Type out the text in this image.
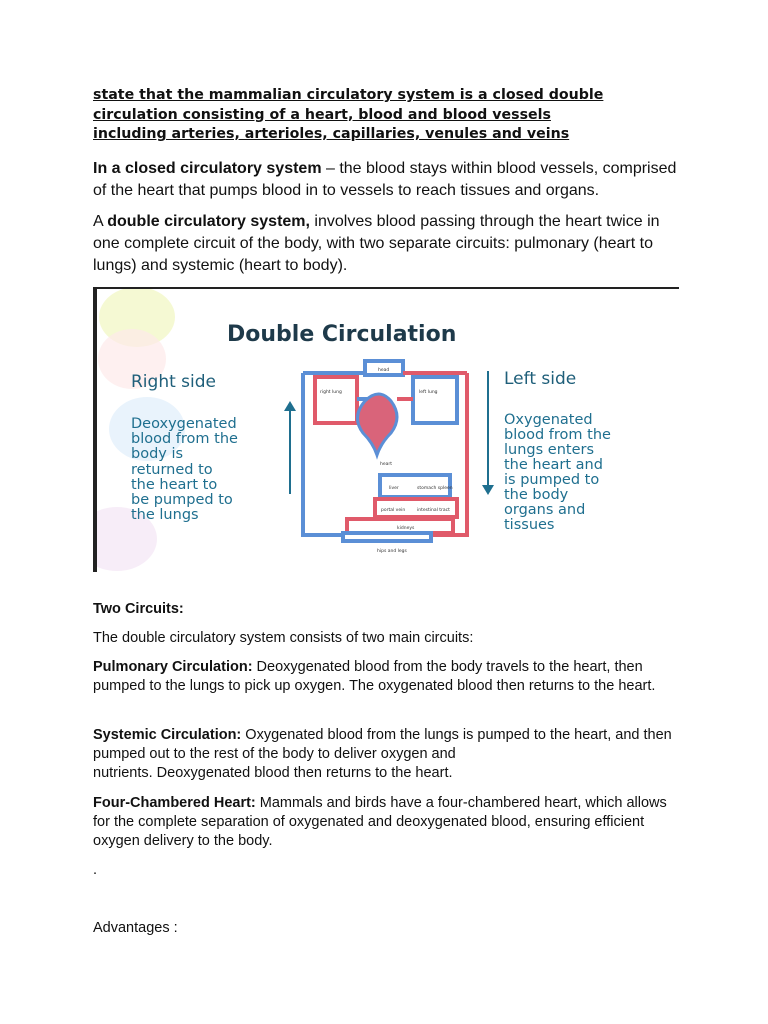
state that the mammalian circulatory system is a closed double
circulation consisting of a heart, blood and blood vessels
including arteries, arterioles, capillaries, venules and veins

In a closed circulatory system – the blood stays within blood vessels, comprised of the heart that pumps blood in to vessels to reach tissues and organs.

A double circulatory system, involves blood passing through the heart twice in one complete circuit of the body, with two separate circuits: pulmonary (heart to lungs) and systemic (heart to body).

Double Circulation
Right side
Deoxygenated
blood from the
body is
returned to
the heart to
be pumped to
the lungs
Left side
Oxygenated
blood from the
lungs enters
the heart and
is pumped to
the body
organs and
tissues
head
right lung	left lung
heart
liver	stomach spleen
portal vein	intestinal tract
kidneys
hips and legs

Two Circuits:

The double circulatory system consists of two main circuits:

Pulmonary Circulation: Deoxygenated blood from the body travels to the heart, then pumped to the lungs to pick up oxygen. The oxygenated blood then returns to the heart.

Systemic Circulation: Oxygenated blood from the lungs is pumped to the heart, and then pumped out to the rest of the body to deliver oxygen and
nutrients. Deoxygenated blood then returns to the heart.

Four-Chambered Heart: Mammals and birds have a four-chambered heart, which allows for the complete separation of oxygenated and deoxygenated blood, ensuring efficient oxygen delivery to the body.

.

Advantages :
